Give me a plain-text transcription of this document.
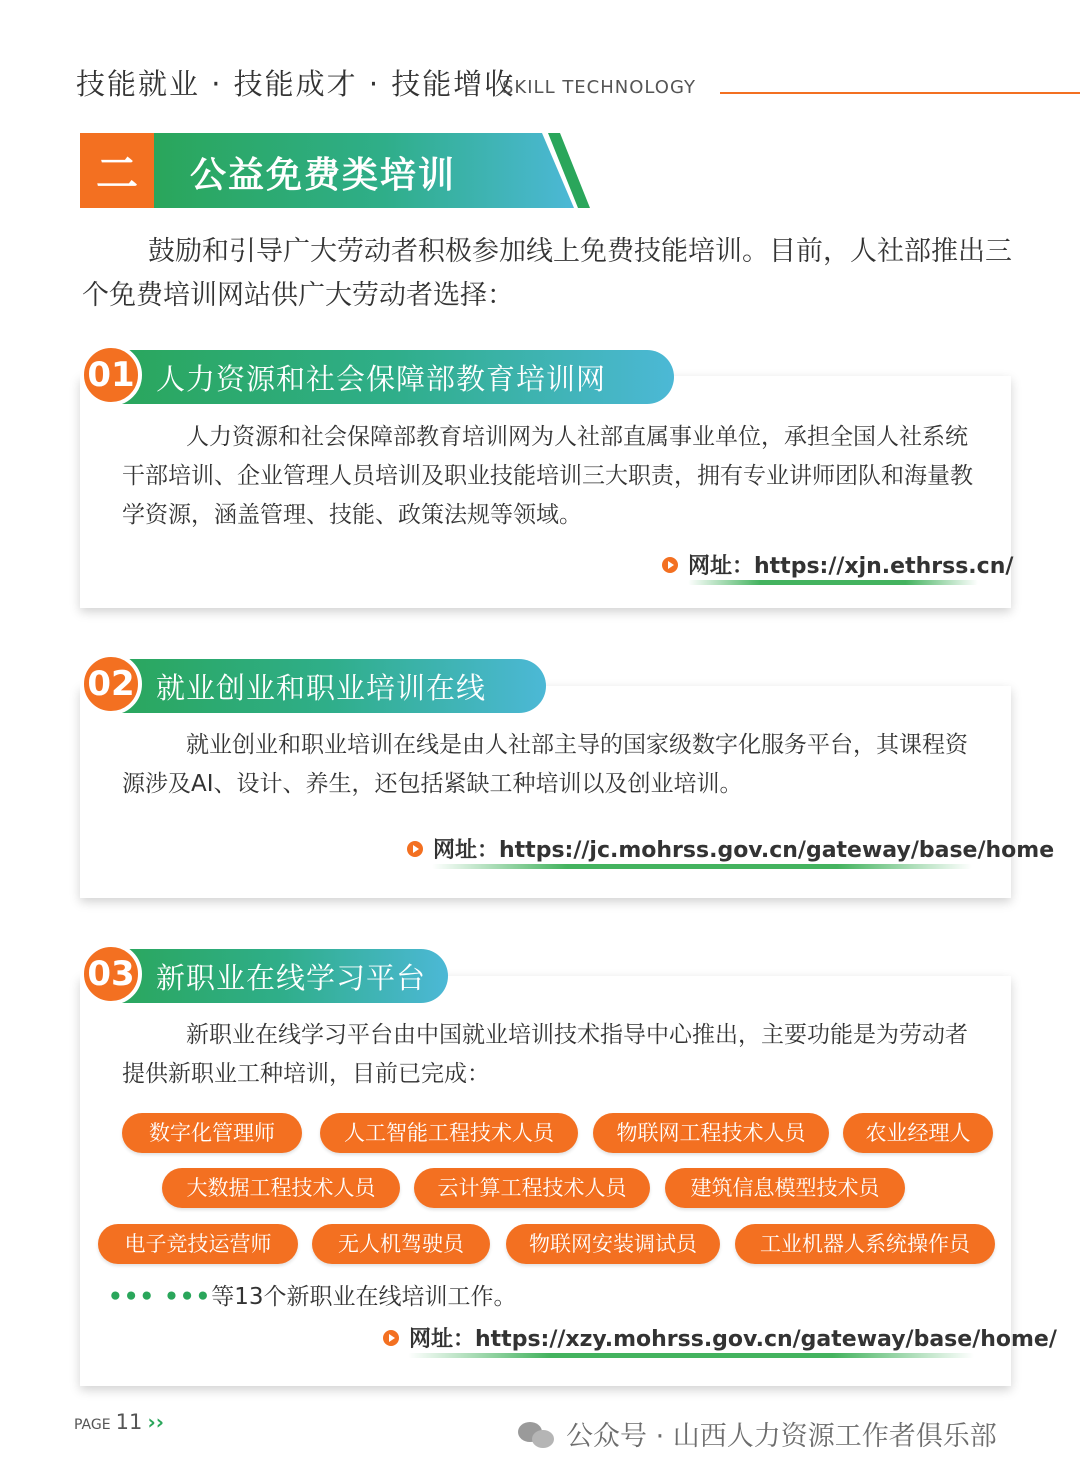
技能就业 · 技能成才 · 技能增收
SKILL TECHNOLOGY
二	公益免费类培训

鼓励和引导广大劳动者积极参加线上免费技能培训。目前，人社部推出三个免费培训网站供广大劳动者选择：

人力资源和社会保障部教育培训网为人社部直属事业单位，承担全国人社系统干部培训、企业管理人员培训及职业技能培训三大职责，拥有专业讲师团队和海量教学资源，涵盖管理、技能、政策法规等领域。

网址：https://xjn.ethrss.cn/
人力资源和社会保障部教育培训网
01

就业创业和职业培训在线是由人社部主导的国家级数字化服务平台，其课程资源涉及AI、设计、养生，还包括紧缺工种培训以及创业培训。

网址：https://jc.mohrss.gov.cn/gateway/base/home
就业创业和职业培训在线
02

新职业在线学习平台由中国就业培训技术指导中心推出，主要功能是为劳动者提供新职业工种培训，目前已完成：

网址：https://xzy.mohrss.gov.cn/gateway/base/home/
新职业在线学习平台
03
数字化管理师	人工智能工程技术人员	物联网工程技术人员	农业经理人
大数据工程技术人员	云计算工程技术人员	建筑信息模型技术员
电子竞技运营师	无人机驾驶员	物联网安装调试员	工业机器人系统操作员
••• •••等13个新职业在线培训工作。
PAGE 11 ››	公众号 · 山西人力资源工作者俱乐部
